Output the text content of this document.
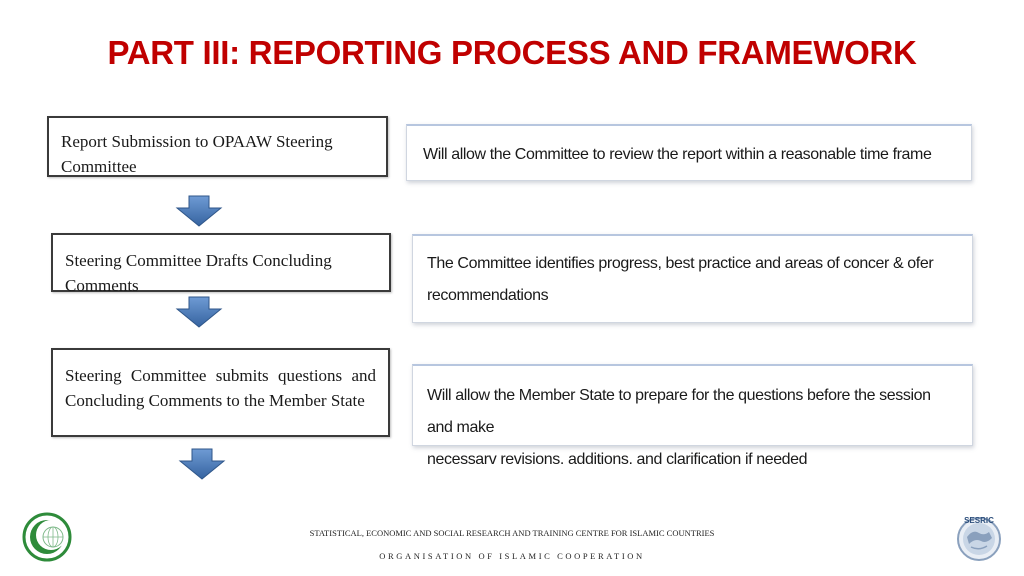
PART III: REPORTING PROCESS AND FRAMEWORK
Report Submission to OPAAW Steering Committee
Steering Committee Drafts Concluding Comments
Steering Committee submits questions and
Concluding Comments to the Member State
Will allow the Committee to review the report within a reasonable time frame
The Committee identifies progress, best practice and areas of concer & ofer
recommendations
Will allow the Member State to prepare for the questions before the session and make
necessarv revisions. additions. and clarification if needed
SESRIC
STATISTICAL, ECONOMIC AND SOCIAL RESEARCH AND TRAINING CENTRE FOR ISLAMIC COUNTRIES
ORGANISATION OF ISLAMIC COOPERATION
